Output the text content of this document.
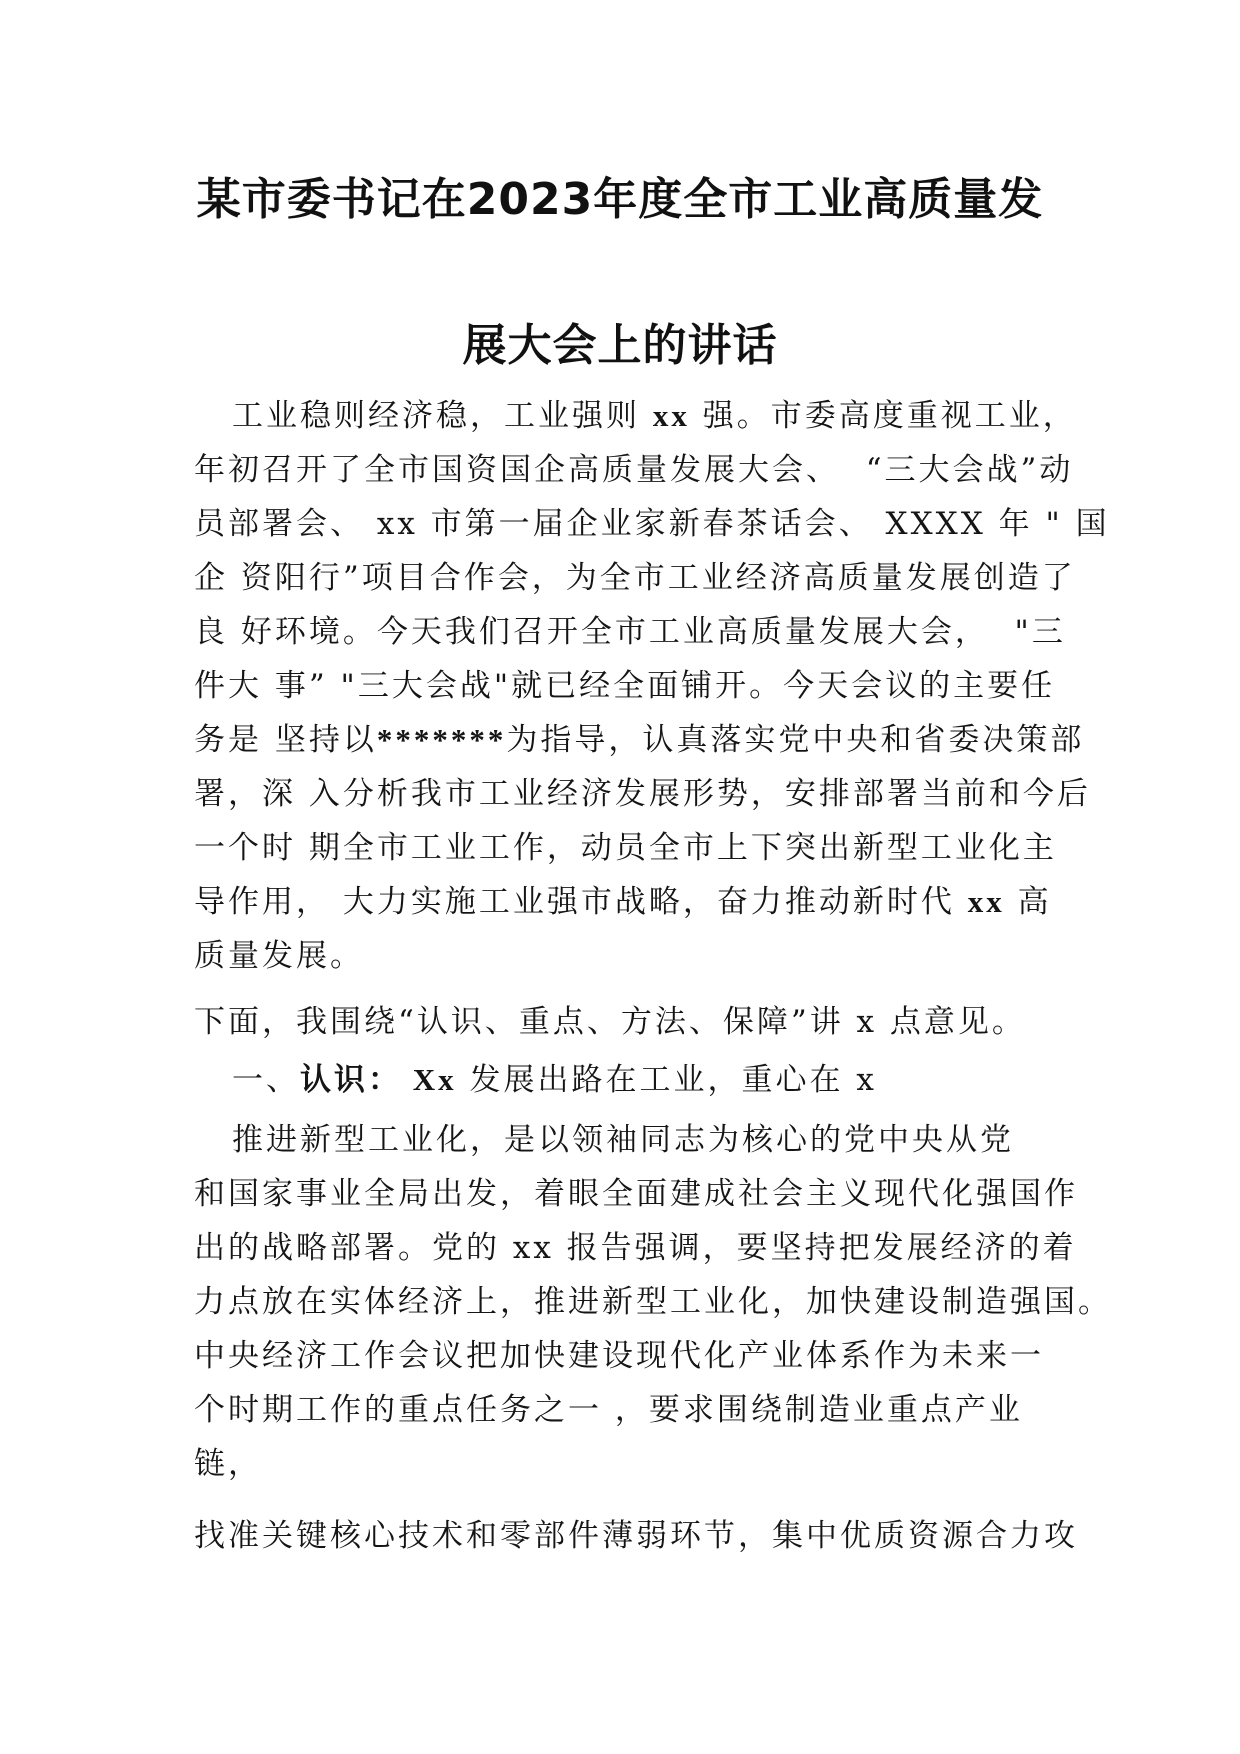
某市委书记在2023年度全市工业高质量发
展大会上的讲话

工业稳则经济稳，工业强则 xx 强。市委高度重视工业，

年初召开了全市国资国企高质量发展大会、  “三大会战”动

员部署会、 xx 市第一届企业家新春茶话会、 XXXX 年 " 国

企 资阳行”项目合作会，为全市工业经济高质量发展创造了

良 好环境。今天我们召开全市工业高质量发展大会，  "三

件大 事” "三大会战"就已经全面铺开。今天会议的主要任

务是 坚持以*******为指导，认真落实党中央和省委决策部

署，深 入分析我市工业经济发展形势，安排部署当前和今后

一个时 期全市工业工作，动员全市上下突出新型工业化主

导作用， 大力实施工业强市战略，奋力推动新时代 xx 高

质量发展。

下面，我围绕“认识、重点、方法、保障”讲 x 点意见。

一、认识： Xx 发展出路在工业，重心在 x

推进新型工业化，是以领袖同志为核心的党中央从党

和国家事业全局出发，着眼全面建成社会主义现代化强国作

出的战略部署。党的 xx 报告强调，要坚持把发展经济的着

力点放在实体经济上，推进新型工业化，加快建设制造强国。

中央经济工作会议把加快建设现代化产业体系作为未来一

个时期工作的重点任务之一 ，要求围绕制造业重点产业

链，

找准关键核心技术和零部件薄弱环节，集中优质资源合力攻
